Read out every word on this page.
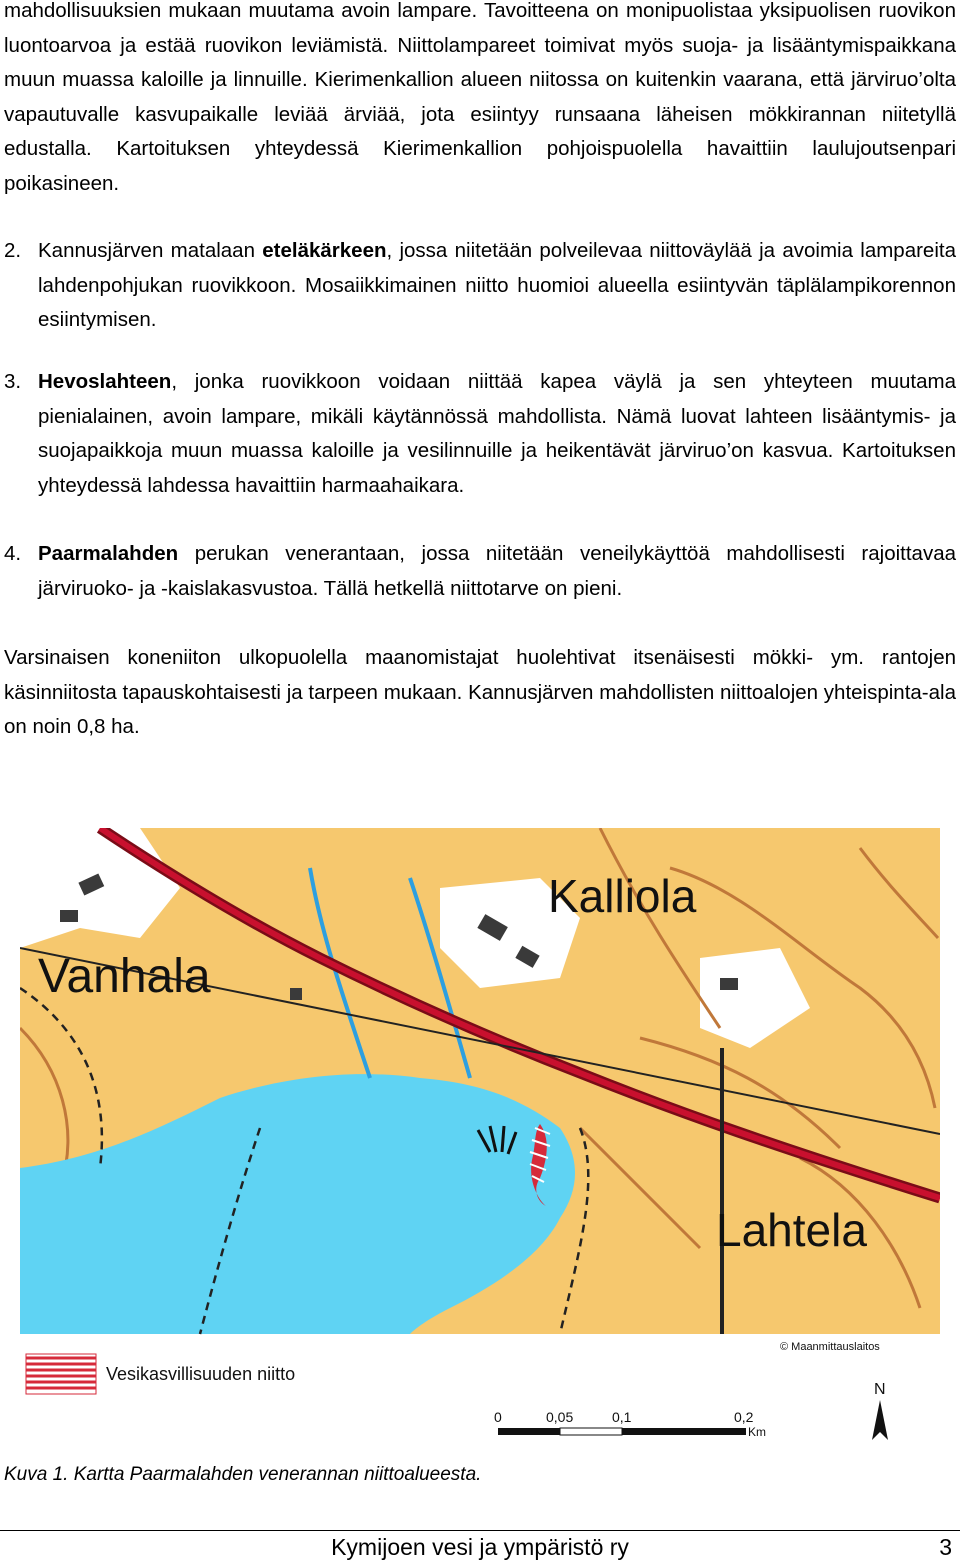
mahdollisuuksien mukaan muutama avoin lampare. Tavoitteena on monipuolistaa yksipuolisen ruovikon luontoarvoa ja estää ruovikon leviämistä. Niittolampareet toimivat myös suoja- ja lisääntymispaikkana muun muassa kaloille ja linnuille. Kierimenkallion alueen niitossa on kuitenkin vaarana, että järviruo’olta vapautuvalle kasvupaikalle leviää ärviää, jota esiintyy runsaana läheisen mökkirannan niitetyllä edustalla. Kartoituksen yhteydessä Kierimenkallion pohjoispuolella havaittiin laulujoutsenpari poikasineen.

2. Kannusjärven matalaan eteläkärkeen, jossa niitetään polveilevaa niittoväylää ja avoimia lampareita lahdenpohjukan ruovikkoon. Mosaiikkimainen niitto huomioi alueella esiintyvän täplälampikorennon esiintymisen.

3. Hevoslahteen, jonka ruovikkoon voidaan niittää kapea väylä ja sen yhteyteen muutama pienialainen, avoin lampare, mikäli käytännössä mahdollista. Nämä luovat lahteen lisääntymis- ja suojapaikkoja muun muassa kaloille ja vesilinnuille ja heikentävät järviruo’on kasvua. Kartoituksen yhteydessä lahdessa havaittiin harmaahaikara.

4. Paarmalahden perukan venerantaan, jossa niitetään veneilykäyttöä mahdollisesti rajoittavaa järviruoko- ja -kaislakasvustoa. Tällä hetkellä niittotarve on pieni.

Varsinaisen koneniiton ulkopuolella maanomistajat huolehtivat itsenäisesti mökki- ym. rantojen käsinniitosta tapauskohtaisesti ja tarpeen mukaan. Kannusjärven mahdollisten niittoalojen yhteispinta-ala on noin 0,8 ha.

Kalliola
Vanhala
Lahtela
© Maanmittauslaitos
Vesikasvillisuuden niitto
0	0,05	0,1	0,2
Km
N
Kuva 1. Kartta Paarmalahden venerannan niittoalueesta.
Kymijoen vesi ja ympäristö ry	3
